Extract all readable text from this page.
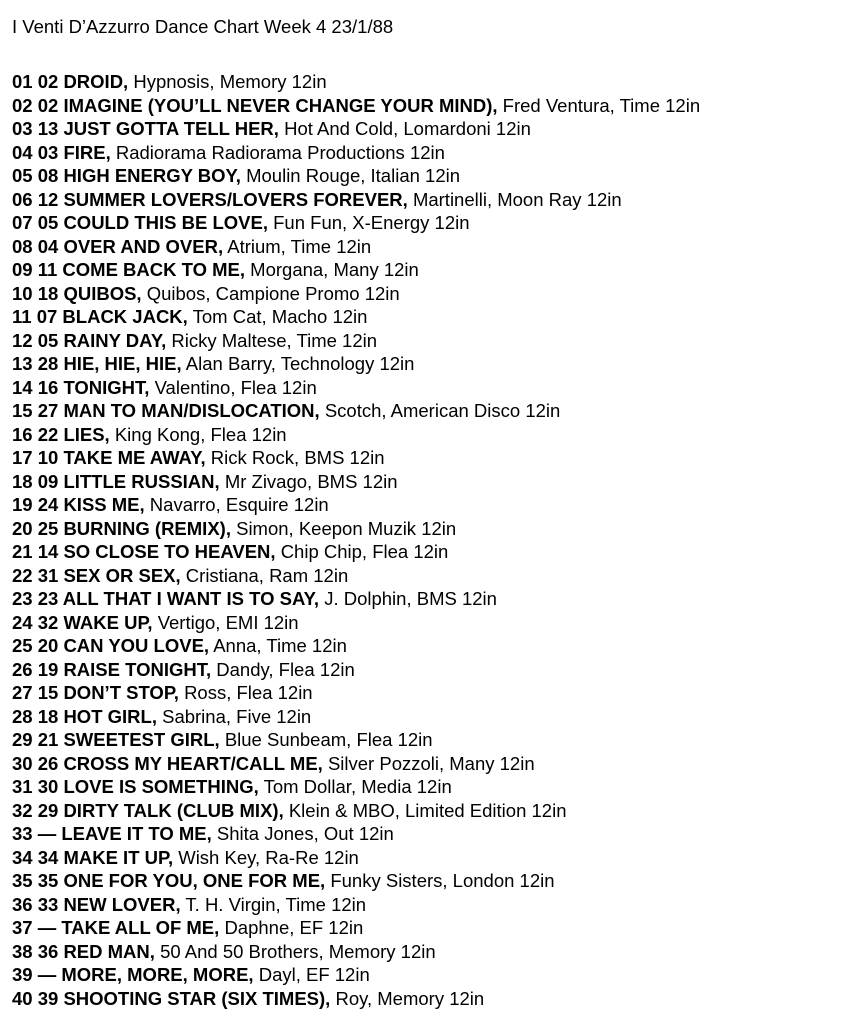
I Venti D’Azzurro Dance Chart Week 4 23/1/88
01 02 DROID, Hypnosis, Memory 12in
02 02 IMAGINE (YOU’LL NEVER CHANGE YOUR MIND), Fred Ventura, Time 12in
03 13 JUST GOTTA TELL HER, Hot And Cold, Lomardoni 12in
04 03 FIRE, Radiorama Radiorama Productions 12in
05 08 HIGH ENERGY BOY, Moulin Rouge, Italian 12in
06 12 SUMMER LOVERS/LOVERS FOREVER, Martinelli, Moon Ray 12in
07 05 COULD THIS BE LOVE, Fun Fun, X-Energy 12in
08 04 OVER AND OVER, Atrium, Time 12in
09 11 COME BACK TO ME, Morgana, Many 12in
10 18 QUIBOS, Quibos, Campione Promo 12in
11 07 BLACK JACK, Tom Cat, Macho 12in
12 05 RAINY DAY, Ricky Maltese, Time 12in
13 28 HIE, HIE, HIE, Alan Barry, Technology 12in
14 16 TONIGHT, Valentino, Flea 12in
15 27 MAN TO MAN/DISLOCATION, Scotch, American Disco 12in
16 22 LIES, King Kong, Flea 12in
17 10 TAKE ME AWAY, Rick Rock, BMS 12in
18 09 LITTLE RUSSIAN, Mr Zivago, BMS 12in
19 24 KISS ME, Navarro, Esquire 12in
20 25 BURNING (REMIX), Simon, Keepon Muzik 12in
21 14 SO CLOSE TO HEAVEN, Chip Chip, Flea 12in
22 31 SEX OR SEX, Cristiana, Ram 12in
23 23 ALL THAT I WANT IS TO SAY, J. Dolphin, BMS 12in
24 32 WAKE UP, Vertigo, EMI 12in
25 20 CAN YOU LOVE, Anna, Time 12in
26 19 RAISE TONIGHT, Dandy, Flea 12in
27 15 DON’T STOP, Ross, Flea 12in
28 18 HOT GIRL, Sabrina, Five 12in
29 21 SWEETEST GIRL, Blue Sunbeam, Flea 12in
30 26 CROSS MY HEART/CALL ME, Silver Pozzoli, Many 12in
31 30 LOVE IS SOMETHING, Tom Dollar, Media 12in
32 29 DIRTY TALK (CLUB MIX), Klein & MBO, Limited Edition 12in
33 — LEAVE IT TO ME, Shita Jones, Out 12in
34 34 MAKE IT UP, Wish Key, Ra-Re 12in
35 35 ONE FOR YOU, ONE FOR ME, Funky Sisters, London 12in
36 33 NEW LOVER, T. H. Virgin, Time 12in
37 — TAKE ALL OF ME, Daphne, EF 12in
38 36 RED MAN, 50 And 50 Brothers, Memory 12in
39 — MORE, MORE, MORE, Dayl, EF 12in
40 39 SHOOTING STAR (SIX TIMES), Roy, Memory 12in
